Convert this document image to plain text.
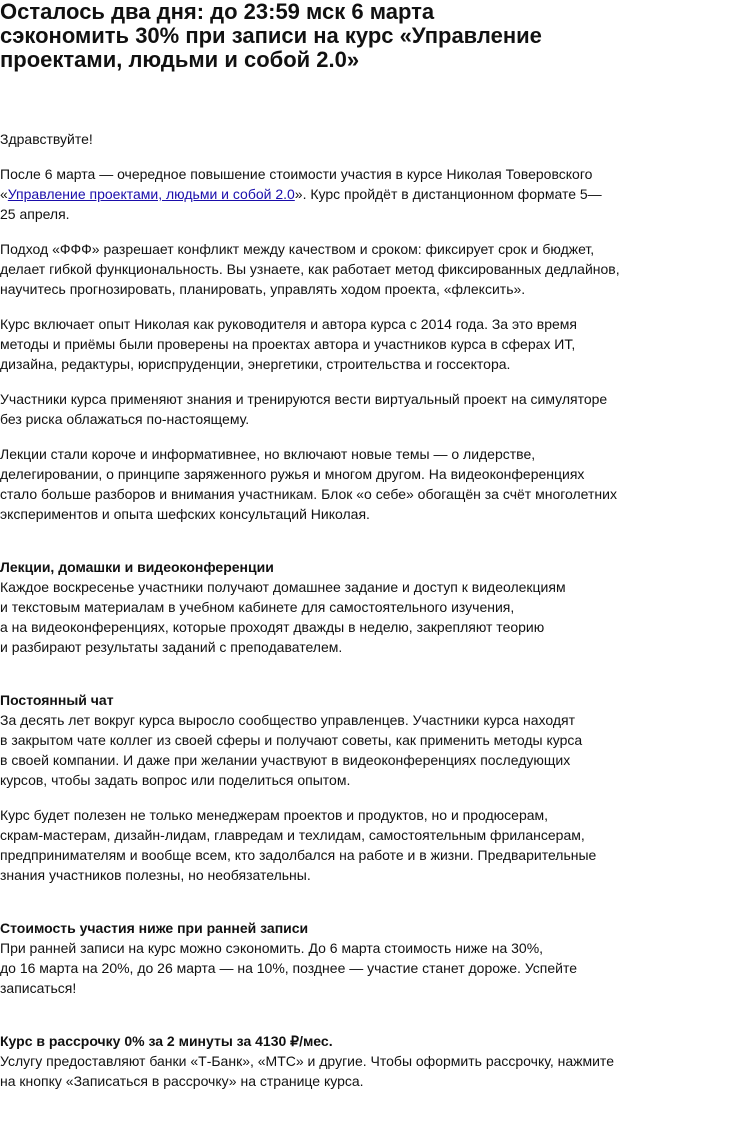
Осталось два дня: до 23:59 мск 6 марта
сэкономить 30% при записи на курс «Управление
проектами, людьми и собой 2.0»

Здравствуйте!

После 6 марта — очередное повышение стоимости участия в курсе Николая Товеровского
«Управление проектами, людьми и собой 2.0». Курс пройдёт в дистанционном формате 5—
25 апреля.
Подход «ФФФ» разрешает конфликт между качеством и сроком: фиксирует срок и бюджет,
делает гибкой функциональность. Вы узнаете, как работает метод фиксированных дедлайнов,
научитесь прогнозировать, планировать, управлять ходом проекта, «флексить».
Курс включает опыт Николая как руководителя и автора курса с 2014 года. За это время
методы и приёмы были проверены на проектах автора и участников курса в сферах ИТ,
дизайна, редактуры, юриспруденции, энергетики, строительства и госсектора.
Участники курса применяют знания и тренируются вести виртуальный проект на симуляторе
без риска облажаться по-настоящему.
Лекции стали короче и информативнее, но включают новые темы — о лидерстве,
делегировании, о принципе заряженного ружья и многом другом. На видеоконференциях
стало больше разборов и внимания участникам. Блок «о себе» обогащён за счёт многолетних
экспериментов и опыта шефских консультаций Николая.
Лекции, домашки и видеоконференции
Каждое воскресенье участники получают домашнее задание и доступ к видеолекциям
и текстовым материалам в учебном кабинете для самостоятельного изучения,
а на видеоконференциях, которые проходят дважды в неделю, закрепляют теорию
и разбирают результаты заданий с преподавателем.
Постоянный чат
За десять лет вокруг курса выросло сообщество управленцев. Участники курса находят
в закрытом чате коллег из своей сферы и получают советы, как применить методы курса
в своей компании. И даже при желании участвуют в видеоконференциях последующих
курсов, чтобы задать вопрос или поделиться опытом.
Курс будет полезен не только менеджерам проектов и продуктов, но и продюсерам,
скрам-мастерам, дизайн-лидам, главредам и техлидам, самостоятельным фрилансерам,
предпринимателям и вообще всем, кто задолбался на работе и в жизни. Предварительные
знания участников полезны, но необязательны.
Стоимость участия ниже при ранней записи
При ранней записи на курс можно сэкономить. До 6 марта стоимость ниже на 30%,
до 16 марта на 20%, до 26 марта — на 10%, позднее — участие станет дороже. Успейте
записаться!
Курс в рассрочку 0% за 2 минуты за 4130 ₽/мес.
Услугу предоставляют банки «Т-Банк», «МТС» и другие. Чтобы оформить рассрочку, нажмите
на кнопку «Записаться в рассрочку» на странице курса.
